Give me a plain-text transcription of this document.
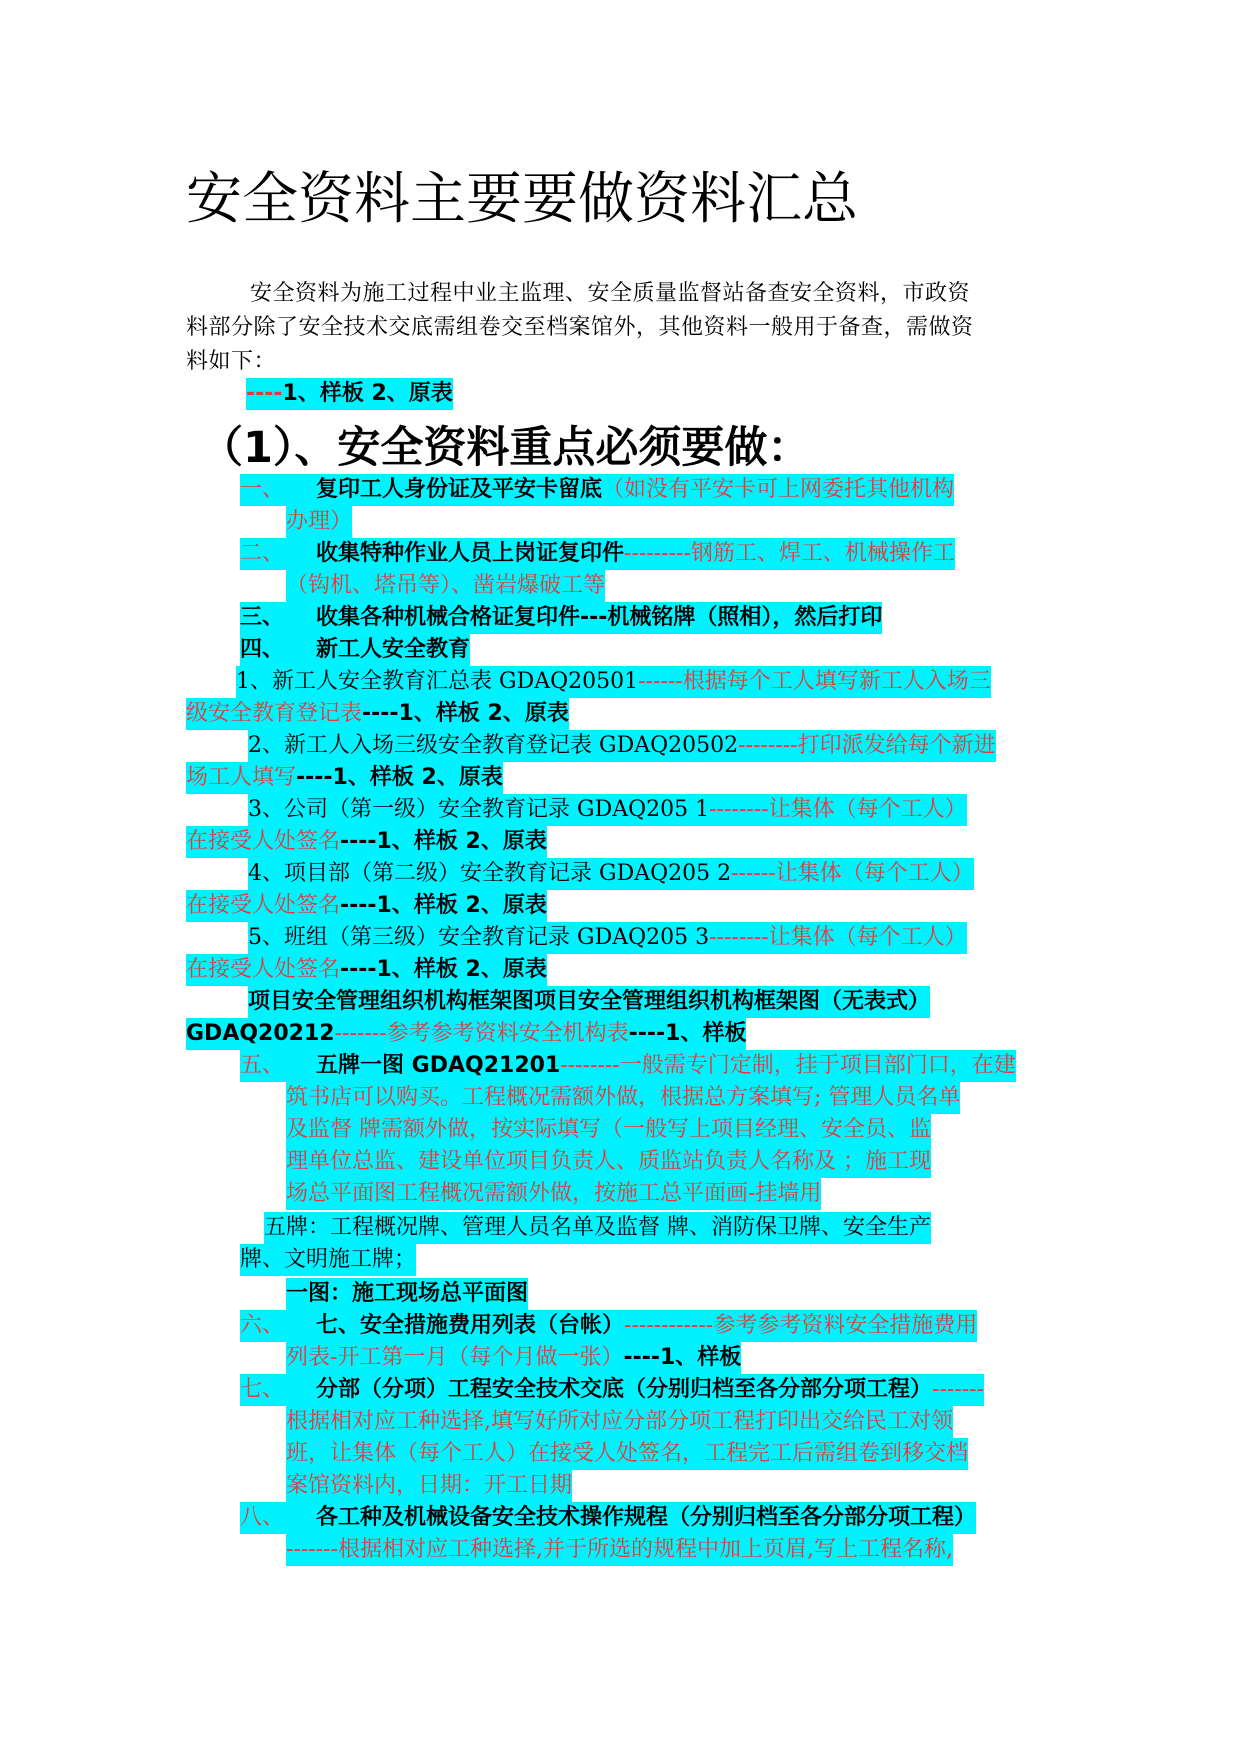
安全资料主要要做资料汇总
安全资料为施工过程中业主监理、安全质量监督站备查安全资料，市政资
料部分除了安全技术交底需组卷交至档案馆外，其他资料一般用于备查，需做资
料如下：
----1、样板 2、原表
（1）、安全资料重点必须要做：
一、 复印工人身份证及平安卡留底（如没有平安卡可上网委托其他机构
办理）
二、 收集特种作业人员上岗证复印件---------钢筋工、焊工、机械操作工
（钩机、塔吊等）、凿岩爆破工等
三、 收集各种机械合格证复印件---机械铭牌（照相），然后打印
四、 新工人安全教育
1、新工人安全教育汇总表 GDAQ20501------根据每个工人填写新工人入场三
级安全教育登记表----1、样板 2、原表
2、新工人入场三级安全教育登记表 GDAQ20502--------打印派发给每个新进
场工人填写----1、样板 2、原表
3、公司（第一级）安全教育记录 GDAQ205 1--------让集体（每个工人）
在接受人处签名----1、样板 2、原表
4、项目部（第二级）安全教育记录 GDAQ205 2------让集体（每个工人）
在接受人处签名----1、样板 2、原表
5、班组（第三级）安全教育记录 GDAQ205 3--------让集体（每个工人）
在接受人处签名----1、样板 2、原表
项目安全管理组织机构框架图项目安全管理组织机构框架图（无表式）
GDAQ20212-------参考参考资料安全机构表----1、样板
五、 五牌一图 GDAQ21201--------一般需专门定制，挂于项目部门口，在建
筑书店可以购买。工程概况需额外做，根据总方案填写; 管理人员名单
及监督 牌需额外做，按实际填写（一般写上项目经理、安全员、监
理单位总监、建设单位项目负责人、质监站负责人名称及 ；施工现
场总平面图工程概况需额外做，按施工总平面画-挂墙用
五牌：工程概况牌、管理人员名单及监督 牌、消防保卫牌、安全生产
牌、文明施工牌；
一图：施工现场总平面图
六、 七、安全措施费用列表（台帐）------------参考参考资料安全措施费用
列表-开工第一月（每个月做一张）----1、样板
七、 分部（分项）工程安全技术交底（分别归档至各分部分项工程）-------
根据相对应工种选择,填写好所对应分部分项工程打印出交给民工对领
班，让集体（每个工人）在接受人处签名，工程完工后需组卷到移交档
案馆资料内，日期：开工日期
八、 各工种及机械设备安全技术操作规程（分别归档至各分部分项工程）
-------根据相对应工种选择,并于所选的规程中加上页眉,写上工程名称,
